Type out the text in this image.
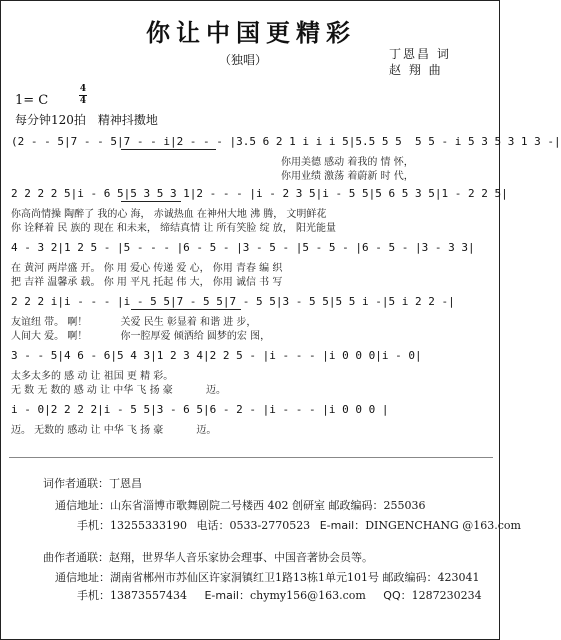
你让中国更精彩
（独唱）	丁恩昌 词
赵 翔 曲
1= C
4
4
每分钟120拍　精神抖擞地
(2 - - 5|7 - - 5|7 - - i|2 - - - |3.5 6 2 1 i i i 5|5.5 5 5  5 5 - i 5 3 5 3 1 3 -|
你用美德 感动 着我的 情 怀，
你用业绩 激荡 着蔚新 时 代，
2 2 2 2 5|i - 6 5|5 3 5 3 1|2 - - - |i - 2 3 5|i - 5 5|5 6 5 3 5|1 - 2 2 5|
你高尚情操 陶醉了 我的心 海， 赤诚热血 在神州大地 沸 腾， 文明鲜花
你 诠释着 民 族的 现在 和未来， 缔结真情 让 所有笑脸 绽 放， 阳光能量
4 - 3 2|1 2 5 - |5 - - - |6 - 5 - |3 - 5 - |5 - 5 - |6 - 5 - |3 - 3 3|
在 黄河 两岸盛 开。 你 用 爱心 传递 爱 心， 你用 青春 编 织
把 吉祥 温馨承 载。 你 用 平凡 托起 伟 大， 你用 诚信 书 写
2 2 2 i|i - - - |i - 5 5|7 - 5 5|7 - 5 5|3 - 5 5|5 5 i -|5 i 2 2 -|
友谊纽 带。 啊！　　　 关爱 民生 彰显着 和谐 进 步，
人间大 爱。 啊！　　　 你一腔厚爱 倾洒给 圆梦的宏 图，
3 - - 5|4 6 - 6|5 4 3|1 2 3 4|2 2 5 - |i - - - |i 0 0 0|i - 0|
太多太多的 感 动 让 祖国 更 精 彩。
无 数 无 数的 感 动 让 中华 飞 扬 豪　　　 迈。
i - 0|2 2 2 2|i - 5 5|3 - 6 5|6 - 2 - |i - - - |i 0 0 0 |
迈。 无数的 感动 让 中华 飞 扬 豪　　　 迈。
词作者通联：丁恩昌
通信地址：山东省淄博市歌舞剧院二号楼西 402 创研室 邮政编码：255036
手机：13255333190 电话：0533-2770523 E-mail：DINGENCHANG @163.com
曲作者通联：赵翔，世界华人音乐家协会理事、中国音著协会员等。
通信地址：湖南省郴州市苏仙区许家洞镇红卫1路13栋1单元101号 邮政编码：423041
手机：13873557434 E-mail：chymy156@163.com QQ：1287230234
